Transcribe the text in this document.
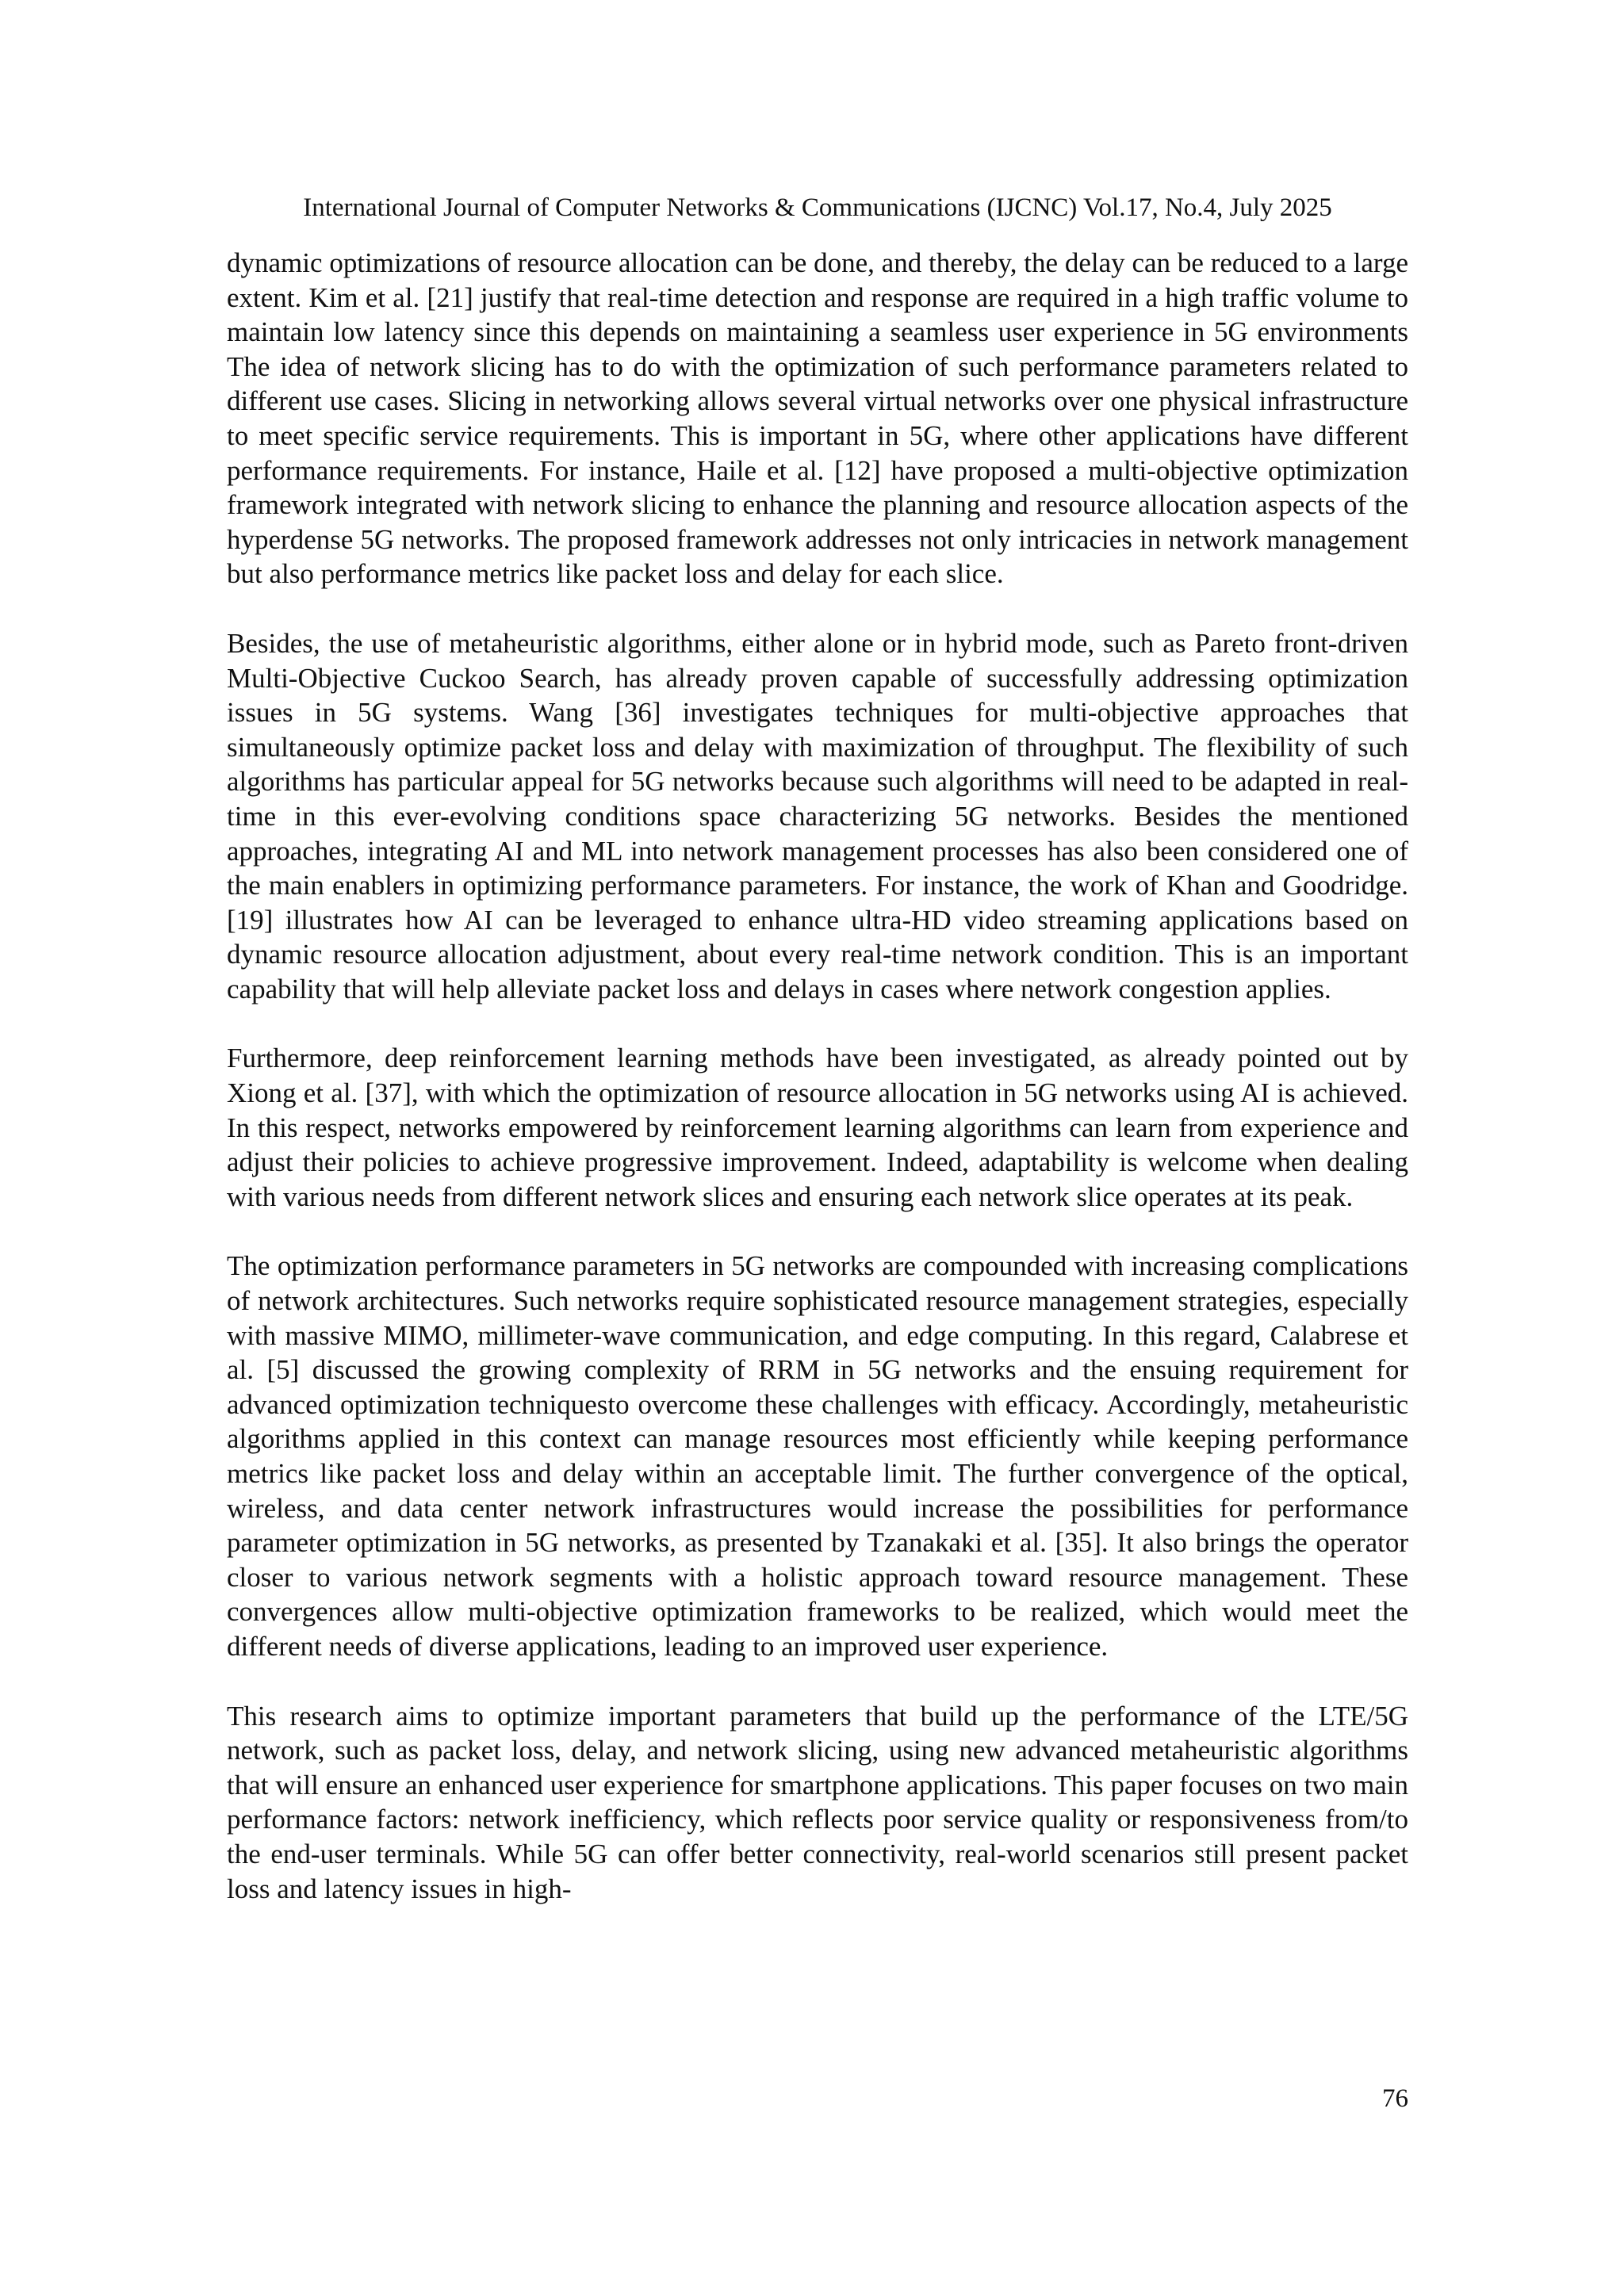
International Journal of Computer Networks & Communications (IJCNC) Vol.17, No.4, July 2025

dynamic optimizations of resource allocation can be done, and thereby, the delay can be reduced to a large extent. Kim et al. [21] justify that real-time detection and response are required in a high traffic volume to maintain low latency since this depends on maintaining a seamless user experience in 5G environments The idea of network slicing has to do with the optimization of such performance parameters related to different use cases. Slicing in networking allows several virtual networks over one physical infrastructure to meet specific service requirements. This is important in 5G, where other applications have different performance requirements. For instance, Haile et al. [12] have proposed a multi-objective optimization framework integrated with network slicing to enhance the planning and resource allocation aspects of the hyperdense 5G networks. The proposed framework addresses not only intricacies in network management but also performance metrics like packet loss and delay for each slice.

Besides, the use of metaheuristic algorithms, either alone or in hybrid mode, such as Pareto front-driven Multi-Objective Cuckoo Search, has already proven capable of successfully addressing optimization issues in 5G systems. Wang [36] investigates techniques for multi-objective approaches that simultaneously optimize packet loss and delay with maximization of throughput. The flexibility of such algorithms has particular appeal for 5G networks because such algorithms will need to be adapted in real-time in this ever-evolving conditions space characterizing 5G networks. Besides the mentioned approaches, integrating AI and ML into network management processes has also been considered one of the main enablers in optimizing performance parameters. For instance, the work of Khan and Goodridge. [19] illustrates how AI can be leveraged to enhance ultra-HD video streaming applications based on dynamic resource allocation adjustment, about every real-time network condition. This is an important capability that will help alleviate packet loss and delays in cases where network congestion applies.

Furthermore, deep reinforcement learning methods have been investigated, as already pointed out by Xiong et al. [37], with which the optimization of resource allocation in 5G networks using AI is achieved. In this respect, networks empowered by reinforcement learning algorithms can learn from experience and adjust their policies to achieve progressive improvement. Indeed, adaptability is welcome when dealing with various needs from different network slices and ensuring each network slice operates at its peak.

The optimization performance parameters in 5G networks are compounded with increasing complications of network architectures. Such networks require sophisticated resource management strategies, especially with massive MIMO, millimeter-wave communication, and edge computing. In this regard, Calabrese et al. [5] discussed the growing complexity of RRM in 5G networks and the ensuing requirement for advanced optimization techniquesto overcome these challenges with efficacy. Accordingly, metaheuristic algorithms applied in this context can manage resources most efficiently while keeping performance metrics like packet loss and delay within an acceptable limit. The further convergence of the optical, wireless, and data center network infrastructures would increase the possibilities for performance parameter optimization in 5G networks, as presented by Tzanakaki et al. [35]. It also brings the operator closer to various network segments with a holistic approach toward resource management. These convergences allow multi-objective optimization frameworks to be realized, which would meet the different needs of diverse applications, leading to an improved user experience.

This research aims to optimize important parameters that build up the performance of the LTE/5G network, such as packet loss, delay, and network slicing, using new advanced metaheuristic algorithms that will ensure an enhanced user experience for smartphone applications. This paper focuses on two main performance factors: network inefficiency, which reflects poor service quality or responsiveness from/to the end-user terminals. While 5G can offer better connectivity, real-world scenarios still present packet loss and latency issues in high-

76
